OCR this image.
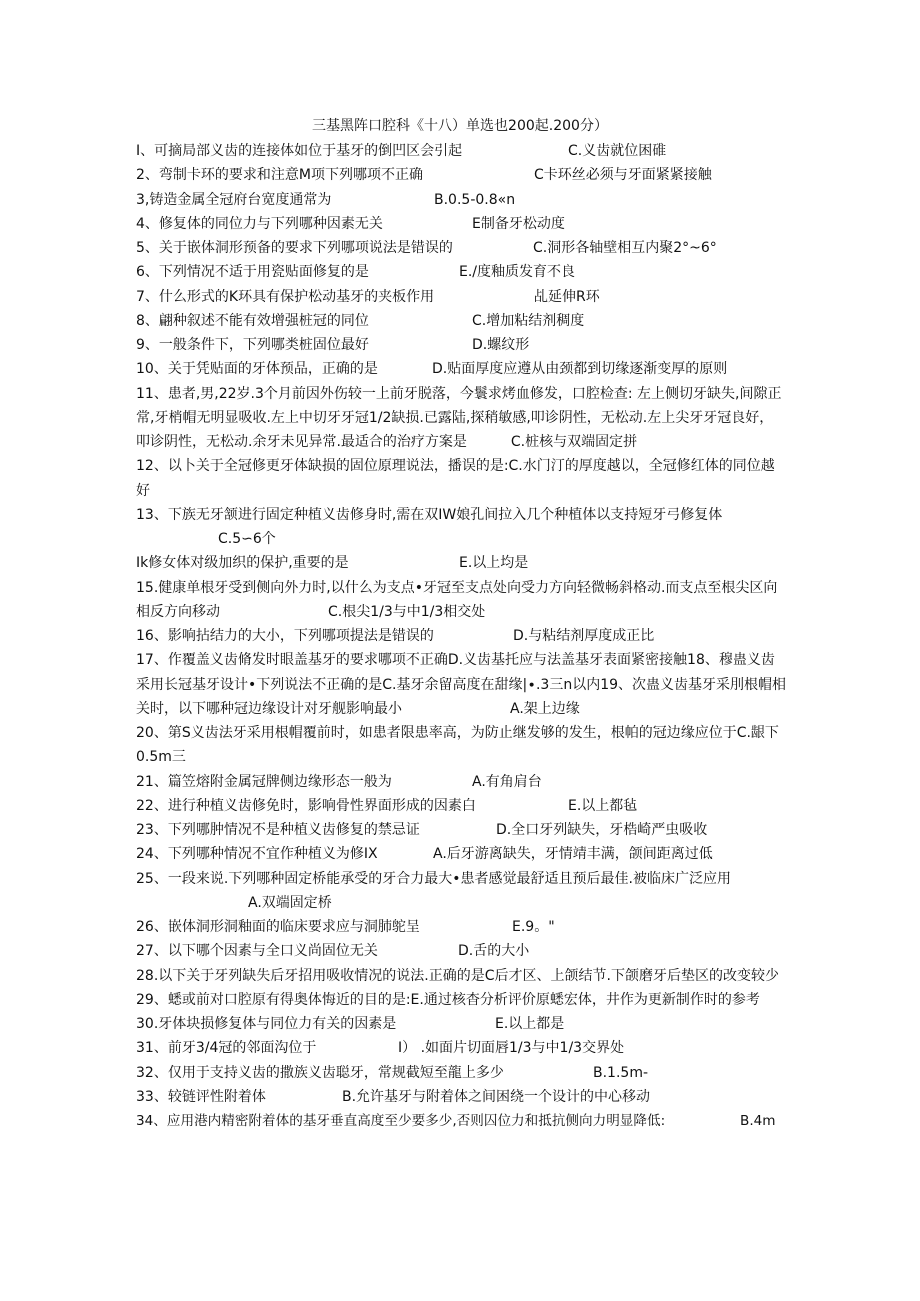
三基黑阵口腔科《十八）单选也200起.200分）
I、可摘局部义齿的连接体如位于基牙的倒凹区会引起	C.义齿就位困碓
2、弯制卡环的要求和注意M项下列哪项不正确	C卡环丝必须与牙面紧紧接触
3,铸造金属全冠府台宽度通常为	B.0.5-0.8«n
4、修复体的同位力与下列哪种因素无关	E制备牙松动度
5、关于嵌体洞形预备的要求下列哪项说法是错误的	C.洞形各轴壁相互内聚2°~6°
6、下列情况不适于用瓷贴面修复的是	E./度釉质发育不良
7、什么形式的K环具有保护松动基牙的夹板作用	乩延伸R环
8、翩种叙述不能有效增强桩冠的同位	C.增加粘结剂稠度
9、一般条件下，下列哪类桩固位最好	D.螺纹形
10、关于凭贴面的牙体预品，正确的是	D.贴面厚度应遵从由颈都到切缘逐渐变厚的原则
11、患者,男,22岁.3个月前因外伤较一上前牙脱落，今鬟求烤血修发，口腔检查: 左上侧切牙缺失,间隙正常,牙梢帽无明显吸收.左上中切牙牙冠1/2缺损.已露陆,探稍敏感,叩诊阴性，无松动.左上尖牙牙冠良好，叩诊阴性，无松动.余牙未见异常.最适合的治疗方案是	C.桩核与双端固定拼
12、以卜关于全冠修更牙体缺损的固位原理说法，播误的是:C.水门汀的厚度越以，全冠修红体的同位越好
13、下族无牙颔进行固定种植义齿修身时,需在双IW娘孔间拉入几个种植体以支持短牙弓修复体
C.5∽6个
Ik修女体对级加织的保护,重要的是	E.以上均是
15.健康单根牙受到侧向外力时,以什么为支点•牙冠至支点处向受力方向轻微畅斜格动.而支点至根尖区向相反方向移动	C.根尖1/3与中1/3相交处
16、影响拈结力的大小，下列哪项提法是错误的	D.与粘结剂厚度成正比
17、作覆盖义齿脩发时眼盖基牙的要求哪项不正确D.义齿基托应与法盖基牙表面紧密接触18、穆蛊义齿采用长冠基牙设计•下列说法不正确的是C.基牙余留高度在甜缘|∙.3三n以内19、次蛊义齿基牙采刖根帽相关时，以下哪种冠边缘设计对牙舰影响最小	A.架上边缘
20、第S义齿法牙采用根帽覆前时，如患者限患率高，为防止继发够的发生，根帕的冠边缘应位于C.龈下0.5m三
21、篇笠熔附金属冠牌侧边缘形态一般为	A.有角肩台
22、进行种植义齿修免时，影响骨性界面形成的因素白	E.以上都毡
23、下列哪肿情况不是种植义齿修复的禁忌证	D.全口牙列缺失，牙梏崎严虫吸收
24、下列哪种情况不宜作种植义为修IX	A.后牙游离缺失，牙情靖丰满，颌间距离过低
25、一段来说.下列哪种固定桥能承受的牙合力最大•患者感觉最舒适且预后最佳.被临床广泛应用
A.双端固定桥
26、嵌体洞形洞釉面的临床要求应与洞肺鸵呈	E.9。"
27、以下哪个因素与全口义尚固位无关	D.舌的大小
28.以下关于牙列缺失后牙招用吸收情况的说法.正确的是C后才区、上颌结节.下颌磨牙后垫区的改变较少
29、蟋或前对口腔原有得奥体悔近的目的是:E.通过核杳分析评价原蟋宏体，井作为更新制作时的参考
30.牙体块损修复体与同位力有关的因素是	E.以上都是
31、前牙3/4冠的邻面沟位于	I） .如面片切面唇1/3与中1/3交界处
32、仅用于支持义齿的撒族义齿聪牙，常规截短至龍上多少	B.1.5m-
33、较链评性附着体	B.允许基牙与附着体之间困绕一个设计的中心移动
34、应用港内精密附着体的基牙垂直高度至少要多少,否则囚位力和抵抗侧向力明显降低:	B.4m
